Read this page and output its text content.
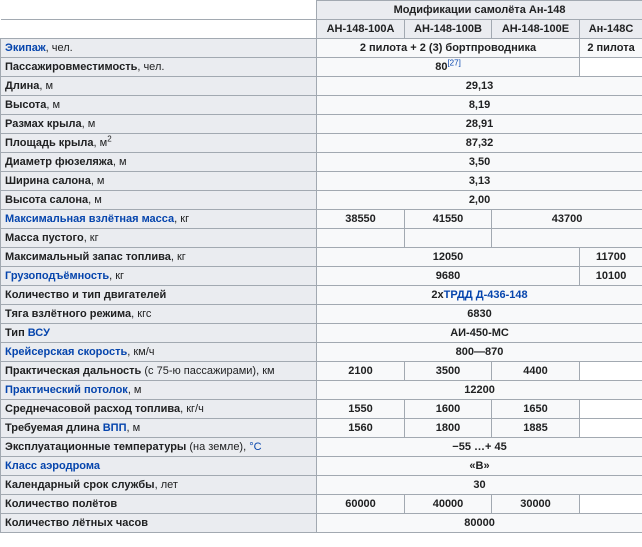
	Модификации самолёта Ан-148			
	АН-148-100А	АН-148-100В	АН-148-100Е	Ан-148С
Экипаж, чел.	2 пилота + 2 (3) бортпроводника			2 пилота
Пассажировместимость, чел.	80[27]	
Длина, м	29,13			
Высота, м	8,19			
Размах крыла, м	28,91			
Площадь крыла, $м^2$	87,32			
Диаметр фюзеляжа, м	3,50			
Ширина салона, м	3,13			
Высота салона, м	2,00			
Максимальная взлётная масса, кг	38550	41550	43700	
Масса пустого, кг				
Максимальный запас топлива, кг	12050			11700
Грузоподъёмность, кг	9680			10100
Количество и тип двигателей	2хТРДД Д-436-148			
Тяга взлётного режима, кгс	6830			
Тип ВСУ	АИ-450-МС			
Крейсерская скорость, км/ч	800—870			
Практическая дальность (с 75-ю пассажирами), км	2100	3500	4400	
Практический потолок, м	12200			
Среднечасовой расход топлива, кг/ч	1550	1600	1650	
Требуемая длина ВПП, м	1560	1800	1885	
Эксплуатационные температуры (на земле), °C	−55 …+ 45			
Класс аэродрома	«В»			
Календарный срок службы, лет	30			
Количество полётов	60000	40000	30000	
Количество лётных часов	80000			
